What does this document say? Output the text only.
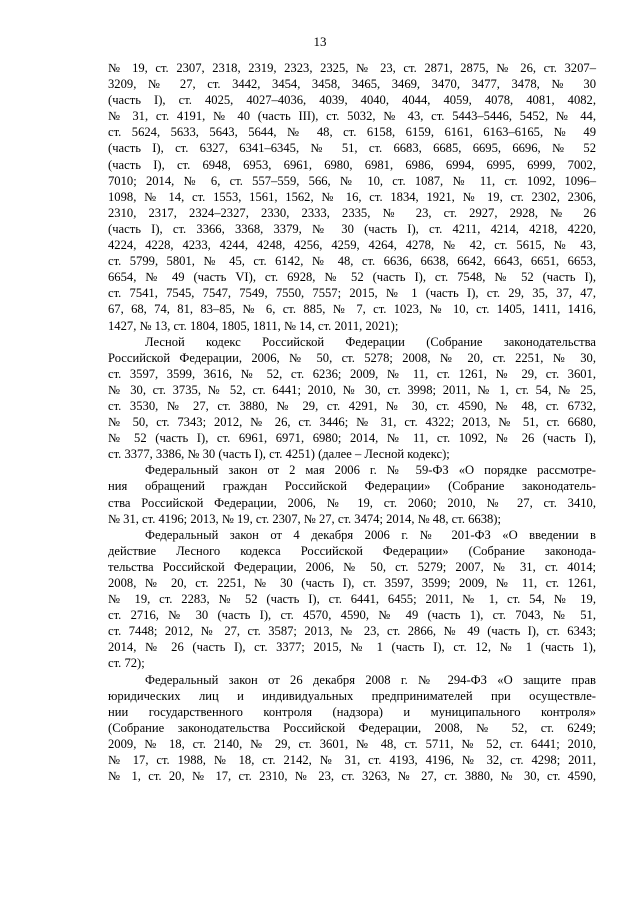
13
№ 19, ст. 2307, 2318, 2319, 2323, 2325, № 23, ст. 2871, 2875, № 26, ст. 3207–
3209, № 27, ст. 3442, 3454, 3458, 3465, 3469, 3470, 3477, 3478, № 30
(часть I), ст. 4025, 4027–4036, 4039, 4040, 4044, 4059, 4078, 4081, 4082,
№ 31, ст. 4191, № 40 (часть III), ст. 5032, № 43, ст. 5443–5446, 5452, № 44,
ст. 5624, 5633, 5643, 5644, № 48, ст. 6158, 6159, 6161, 6163–6165, № 49
(часть I), ст. 6327, 6341–6345, № 51, ст. 6683, 6685, 6695, 6696, № 52
(часть I), ст. 6948, 6953, 6961, 6980, 6981, 6986, 6994, 6995, 6999, 7002,
7010; 2014, № 6, ст. 557–559, 566, № 10, ст. 1087, № 11, ст. 1092, 1096–
1098, № 14, ст. 1553, 1561, 1562, № 16, ст. 1834, 1921, № 19, ст. 2302, 2306,
2310, 2317, 2324–2327, 2330, 2333, 2335, № 23, ст. 2927, 2928, № 26
(часть I), ст. 3366, 3368, 3379, № 30 (часть I), ст. 4211, 4214, 4218, 4220,
4224, 4228, 4233, 4244, 4248, 4256, 4259, 4264, 4278, № 42, ст. 5615, № 43,
ст. 5799, 5801, № 45, ст. 6142, № 48, ст. 6636, 6638, 6642, 6643, 6651, 6653,
6654, № 49 (часть VI), ст. 6928, № 52 (часть I), ст. 7548, № 52 (часть I),
ст. 7541, 7545, 7547, 7549, 7550, 7557; 2015, № 1 (часть I), ст. 29, 35, 37, 47,
67, 68, 74, 81, 83–85, № 6, ст. 885, № 7, ст. 1023, № 10, ст. 1405, 1411, 1416,
1427, № 13, ст. 1804, 1805, 1811, № 14, ст. 2011, 2021);
Лесной кодекс Российской Федерации (Собрание законодательства
Российской Федерации, 2006, № 50, ст. 5278; 2008, № 20, ст. 2251, № 30,
ст. 3597, 3599, 3616, № 52, ст. 6236; 2009, № 11, ст. 1261, № 29, ст. 3601,
№ 30, ст. 3735, № 52, ст. 6441; 2010, № 30, ст. 3998; 2011, № 1, ст. 54, № 25,
ст. 3530, № 27, ст. 3880, № 29, ст. 4291, № 30, ст. 4590, № 48, ст. 6732,
№ 50, ст. 7343; 2012, № 26, ст. 3446; № 31, ст. 4322; 2013, № 51, ст. 6680,
№ 52 (часть I), ст. 6961, 6971, 6980; 2014, № 11, ст. 1092, № 26 (часть I),
ст. 3377, 3386, № 30 (часть I), ст. 4251) (далее – Лесной кодекс);
Федеральный закон от 2 мая 2006 г. № 59-ФЗ «О порядке рассмотре-
ния обращений граждан Российской Федерации» (Собрание законодатель-
ства Российской Федерации, 2006, № 19, ст. 2060; 2010, № 27, ст. 3410,
№ 31, ст. 4196; 2013, № 19, ст. 2307, № 27, ст. 3474; 2014, № 48, ст. 6638);
Федеральный закон от 4 декабря 2006 г. № 201-ФЗ «О введении в
действие Лесного кодекса Российской Федерации» (Собрание законода-
тельства Российской Федерации, 2006, № 50, ст. 5279; 2007, № 31, ст. 4014;
2008, № 20, ст. 2251, № 30 (часть I), ст. 3597, 3599; 2009, № 11, ст. 1261,
№ 19, ст. 2283, № 52 (часть I), ст. 6441, 6455; 2011, № 1, ст. 54, № 19,
ст. 2716, № 30 (часть I), ст. 4570, 4590, № 49 (часть 1), ст. 7043, № 51,
ст. 7448; 2012, № 27, ст. 3587; 2013, № 23, ст. 2866, № 49 (часть I), ст. 6343;
2014, № 26 (часть I), ст. 3377; 2015, № 1 (часть I), ст. 12, № 1 (часть 1),
ст. 72);
Федеральный закон от 26 декабря 2008 г. № 294-ФЗ «О защите прав
юридических лиц и индивидуальных предпринимателей при осуществле-
нии государственного контроля (надзора) и муниципального контроля»
(Собрание законодательства Российской Федерации, 2008, № 52, ст. 6249;
2009, № 18, ст. 2140, № 29, ст. 3601, № 48, ст. 5711, № 52, ст. 6441; 2010,
№ 17, ст. 1988, № 18, ст. 2142, № 31, ст. 4193, 4196, № 32, ст. 4298; 2011,
№ 1, ст. 20, № 17, ст. 2310, № 23, ст. 3263, № 27, ст. 3880, № 30, ст. 4590,
